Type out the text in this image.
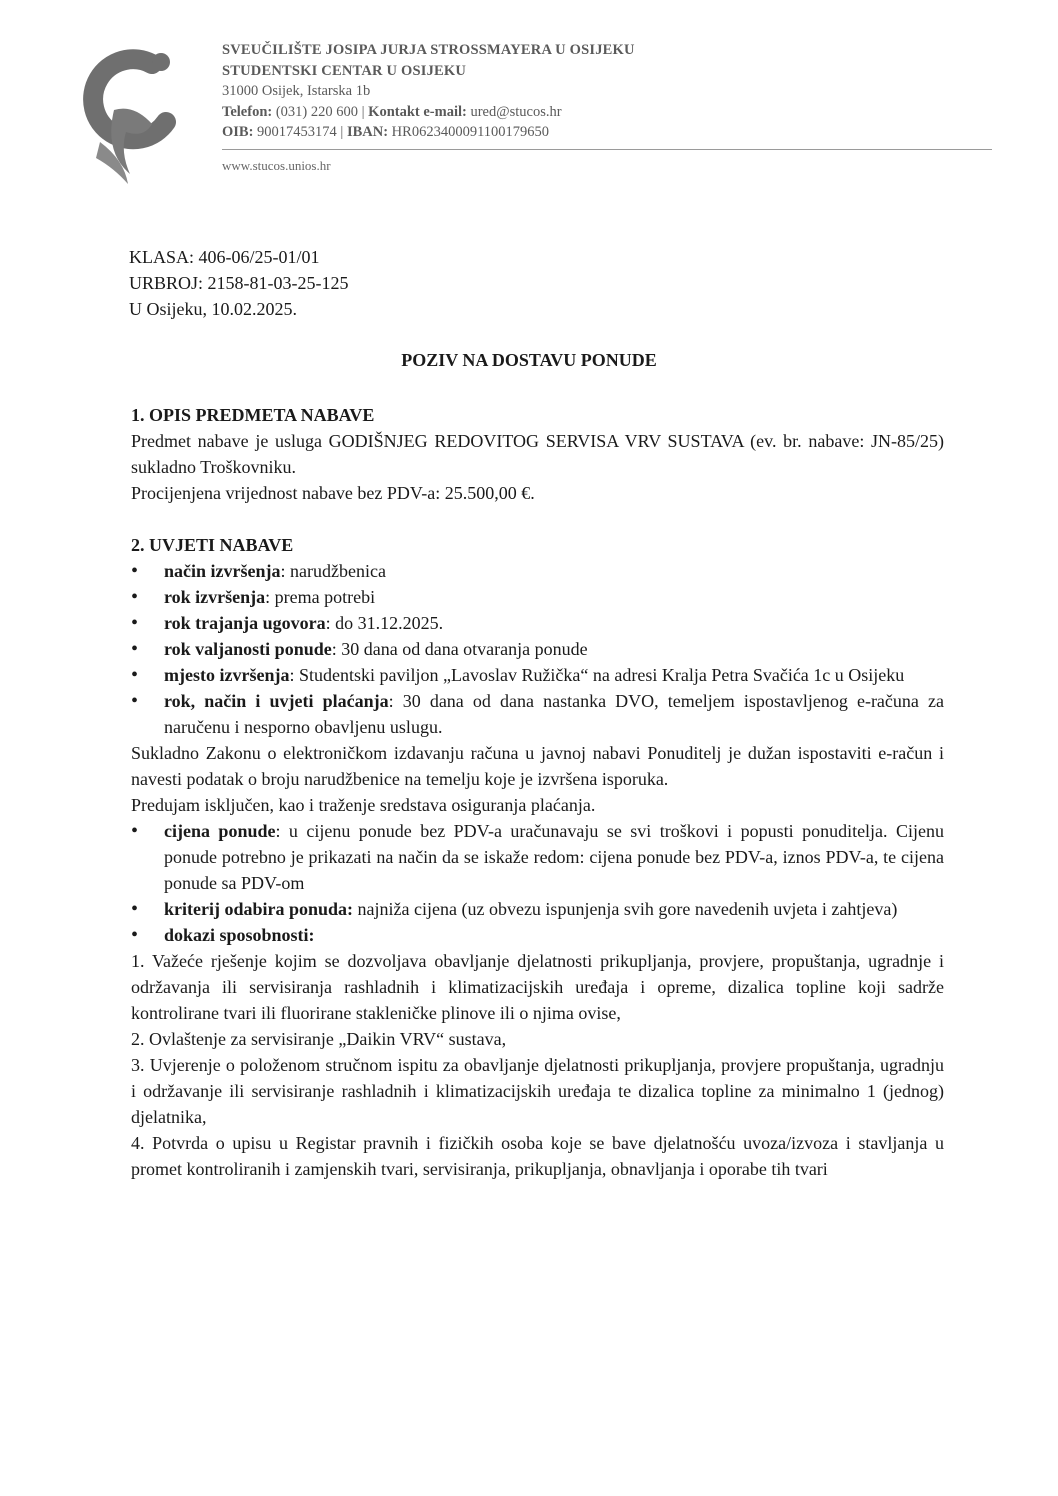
SVEUČILIŠTE JOSIPA JURJA STROSSMAYERA U OSIJEKU
STUDENTSKI CENTAR U OSIJEKU
31000 Osijek, Istarska 1b
Telefon: (031) 220 600 | Kontakt e-mail: ured@stucos.hr
OIB: 90017453174 | IBAN: HR0623400091100179650
www.stucos.unios.hr
KLASA: 406-06/25-01/01
URBROJ: 2158-81-03-25-125
U Osijeku, 10.02.2025.
POZIV NA DOSTAVU PONUDE

1. OPIS PREDMETA NABAVE

Predmet nabave je usluga GODIŠNJEG REDOVITOG SERVISA VRV SUSTAVA (ev. br. nabave: JN-85/25) sukladno Troškovniku.

Procijenjena vrijednost nabave bez PDV-a: 25.500,00 €.

2. UVJETI NABAVE

• način izvršenja: narudžbenica
• rok izvršenja: prema potrebi
• rok trajanja ugovora: do 31.12.2025.
• rok valjanosti ponude: 30 dana od dana otvaranja ponude
• mjesto izvršenja: Studentski paviljon „Lavoslav Ružička“ na adresi Kralja Petra Svačića 1c u Osijeku
• rok, način i uvjeti plaćanja: 30 dana od dana nastanka DVO, temeljem ispostavljenog e-računa za naručenu i nesporno obavljenu uslugu.

Sukladno Zakonu o elektroničkom izdavanju računa u javnoj nabavi Ponuditelj je dužan ispostaviti e-račun i navesti podatak o broju narudžbenice na temelju koje je izvršena isporuka.

Predujam isključen, kao i traženje sredstava osiguranja plaćanja.

• cijena ponude: u cijenu ponude bez PDV-a uračunavaju se svi troškovi i popusti ponuditelja. Cijenu ponude potrebno je prikazati na način da se iskaže redom: cijena ponude bez PDV-a, iznos PDV-a, te cijena ponude sa PDV-om
• kriterij odabira ponuda: najniža cijena (uz obvezu ispunjenja svih gore navedenih uvjeta i zahtjeva)
• dokazi sposobnosti:

1. Važeće rješenje kojim se dozvoljava obavljanje djelatnosti prikupljanja, provjere, propuštanja, ugradnje i održavanja ili servisiranja rashladnih i klimatizacijskih uređaja i opreme, dizalica topline koji sadrže kontrolirane tvari ili fluorirane stakleničke plinove ili o njima ovise,

2. Ovlaštenje za servisiranje „Daikin VRV“ sustava,

3. Uvjerenje o položenom stručnom ispitu za obavljanje djelatnosti prikupljanja, provjere propuštanja, ugradnju i održavanje ili servisiranje rashladnih i klimatizacijskih uređaja te dizalica topline za minimalno 1 (jednog) djelatnika,

4. Potvrda o upisu u Registar pravnih i fizičkih osoba koje se bave djelatnošću uvoza/izvoza i stavljanja u promet kontroliranih i zamjenskih tvari, servisiranja, prikupljanja, obnavljanja i oporabe tih tvari
